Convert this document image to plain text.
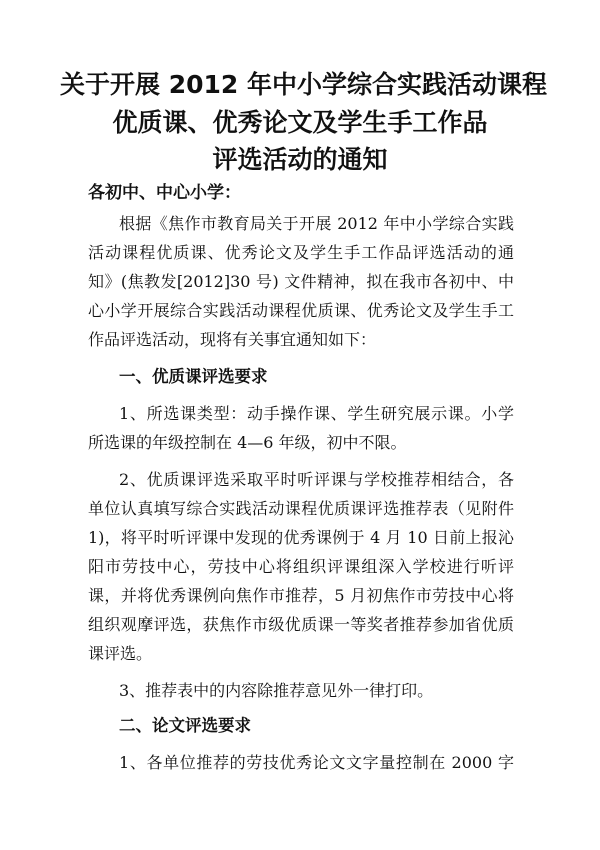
关于开展 2012 年中小学综合实践活动课程
优质课、优秀论文及学生手工作品
评选活动的通知
各初中、中心小学：
根据《焦作市教育局关于开展 2012 年中小学综合实践
活动课程优质课、优秀论文及学生手工作品评选活动的通
知》(焦教发[2012]30 号) 文件精神，拟在我市各初中、中
心小学开展综合实践活动课程优质课、优秀论文及学生手工
作品评选活动，现将有关事宜通知如下：
一、优质课评选要求
1、所选课类型：动手操作课、学生研究展示课。小学
所选课的年级控制在 4—6 年级，初中不限。
2、优质课评选采取平时听评课与学校推荐相结合，各
单位认真填写综合实践活动课程优质课评选推荐表（见附件
1)，将平时听评课中发现的优秀课例于 4 月 10 日前上报沁
阳市劳技中心，劳技中心将组织评课组深入学校进行听评
课，并将优秀课例向焦作市推荐，5 月初焦作市劳技中心将
组织观摩评选，获焦作市级优质课一等奖者推荐参加省优质
课评选。
3、推荐表中的内容除推荐意见外一律打印。
二、论文评选要求
1、各单位推荐的劳技优秀论文文字量控制在 2000 字
